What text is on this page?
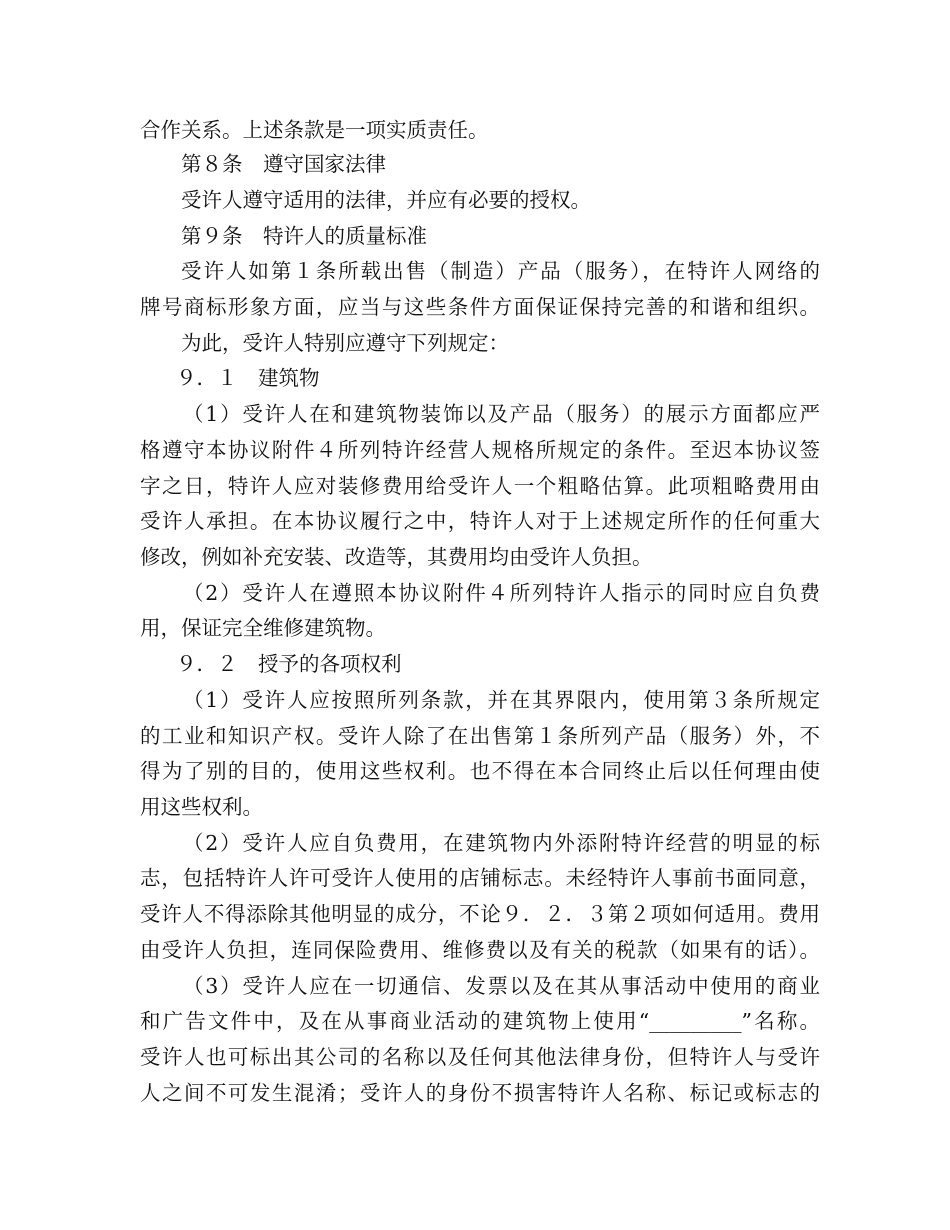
合作关系。上述条款是一项实质责任。
第８条　遵守国家法律
受许人遵守适用的法律，并应有必要的授权。
第９条　特许人的质量标准
受许人如第１条所载出售（制造）产品（服务），在特许人网络的
牌号商标形象方面，应当与这些条件方面保证保持完善的和谐和组织。
为此，受许人特别应遵守下列规定：
９．１　建筑物
（1）受许人在和建筑物装饰以及产品（服务）的展示方面都应严
格遵守本协议附件４所列特许经营人规格所规定的条件。至迟本协议签
字之日，特许人应对装修费用给受许人一个粗略估算。此项粗略费用由
受许人承担。在本协议履行之中，特许人对于上述规定所作的任何重大
修改，例如补充安装、改造等，其费用均由受许人负担。
（2）受许人在遵照本协议附件４所列特许人指示的同时应自负费
用，保证完全维修建筑物。
９．２　授予的各项权利
（1）受许人应按照所列条款，并在其界限内，使用第３条所规定
的工业和知识产权。受许人除了在出售第１条所列产品（服务）外，不
得为了别的目的，使用这些权利。也不得在本合同终止后以任何理由使
用这些权利。
（2）受许人应自负费用，在建筑物内外添附特许经营的明显的标
志，包括特许人许可受许人使用的店铺标志。未经特许人事前书面同意，
受许人不得添除其他明显的成分，不论９．２．３第２项如何适用。费用
由受许人负担，连同保险费用、维修费以及有关的税款（如果有的话）。
（3）受许人应在一切通信、发票以及在其从事活动中使用的商业
和广告文件中，及在从事商业活动的建筑物上使用“_________”名称。
受许人也可标出其公司的名称以及任何其他法律身份，但特许人与受许
人之间不可发生混淆；受许人的身份不损害特许人名称、标记或标志的
